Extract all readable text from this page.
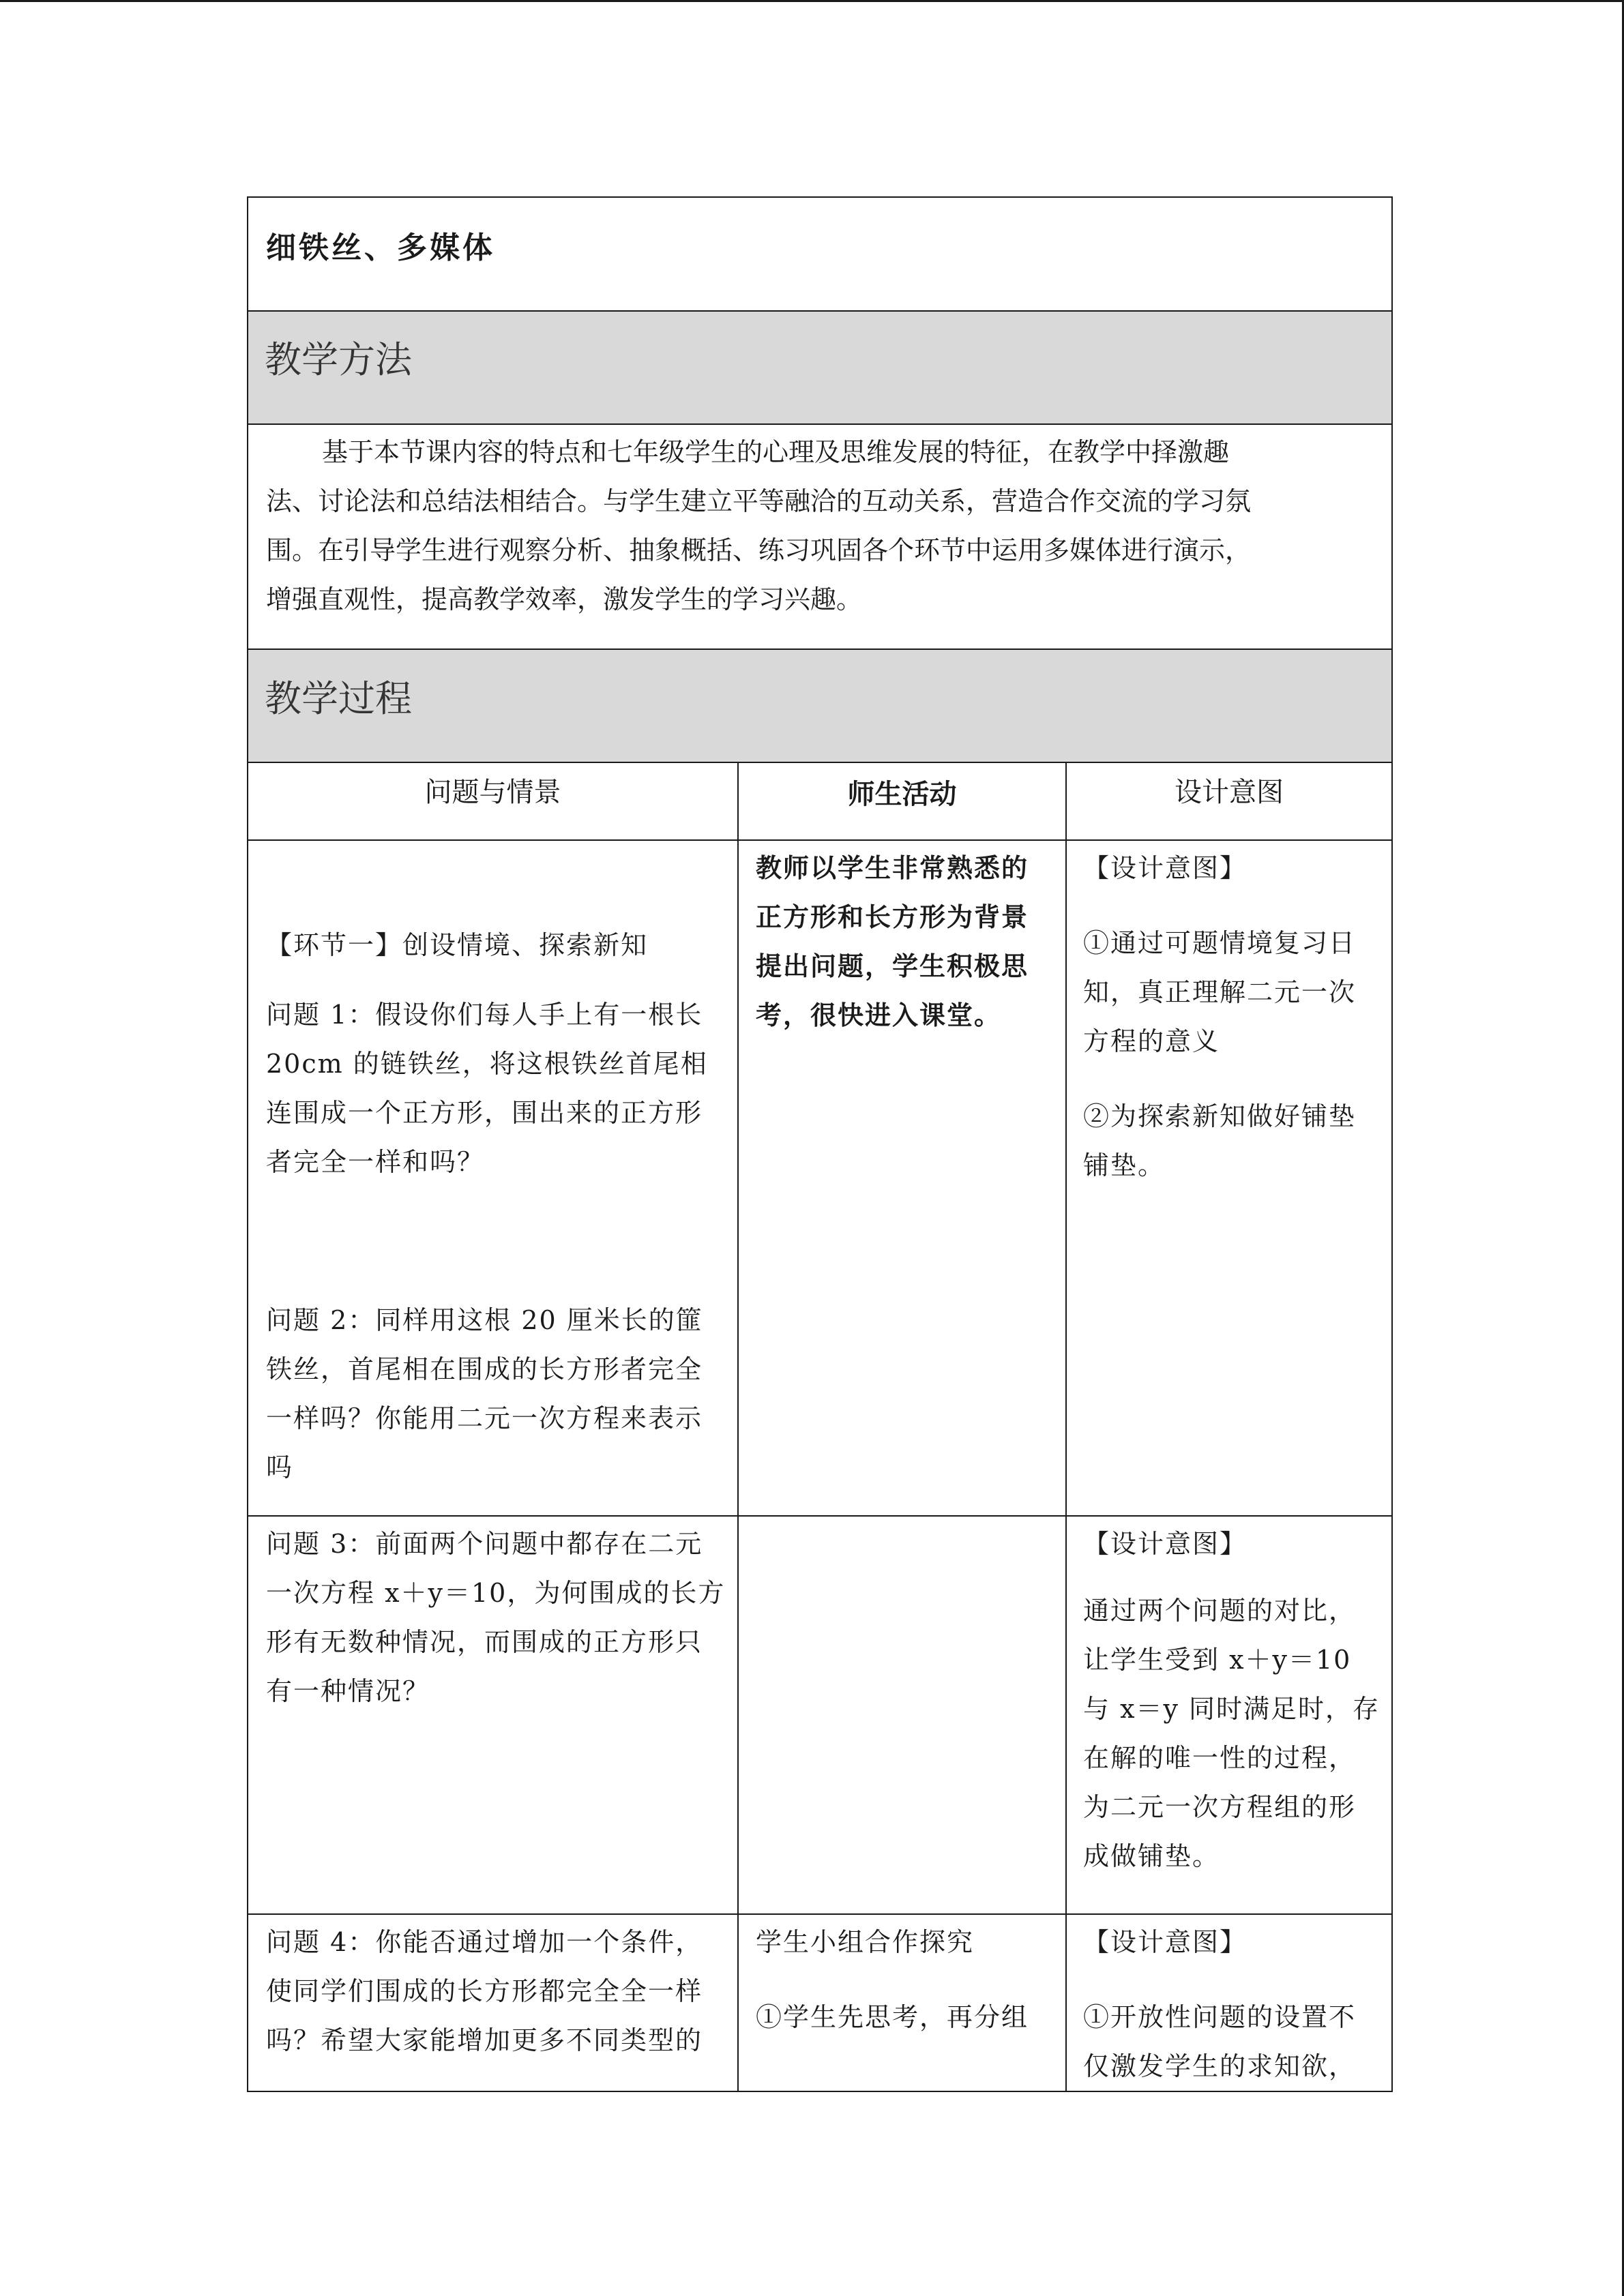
细铁丝、多媒体
教学方法
基于本节课内容的特点和七年级学生的心理及思维发展的特征，在教学中择激趣
法、讨论法和总结法相结合。与学生建立平等融洽的互动关系，营造合作交流的学习氛
围。在引导学生进行观察分析、抽象概括、练习巩固各个环节中运用多媒体进行演示，
增强直观性，提高教学效率，激发学生的学习兴趣。
教学过程
问题与情景	师生活动	设计意图

【环节一】创设情境、探索新知

问题 1：假设你们每人手上有一根长

20cm 的链铁丝，将这根铁丝首尾相

连围成一个正方形，围出来的正方形

者完全一样和吗？

问题 2：同样用这根 20 厘米长的篚

铁丝，首尾相在围成的长方形者完全

一样吗？你能用二元一次方程来表示

吗

教师以学生非常熟悉的

正方形和长方形为背景

提出问题，学生积极思

考，很快进入课堂。

【设计意图】

①通过可题情境复习日

知，真正理解二元一次

方程的意义

②为探索新知做好铺垫

铺垫。

问题 3：前面两个问题中都存在二元

一次方程 x＋y＝10，为何围成的长方

形有无数种情况，而围成的正方形只

有一种情况？

【设计意图】

通过两个问题的对比，

让学生受到 x＋y＝10

与 x＝y 同时满足时，存

在解的唯一性的过程，

为二元一次方程组的形

成做铺垫。

问题 4：你能否通过增加一个条件，

使同学们围成的长方形都完全全一样

吗？希望大家能增加更多不同类型的

学生小组合作探究

①学生先思考，再分组

【设计意图】

①开放性问题的设置不

仅激发学生的求知欲，
